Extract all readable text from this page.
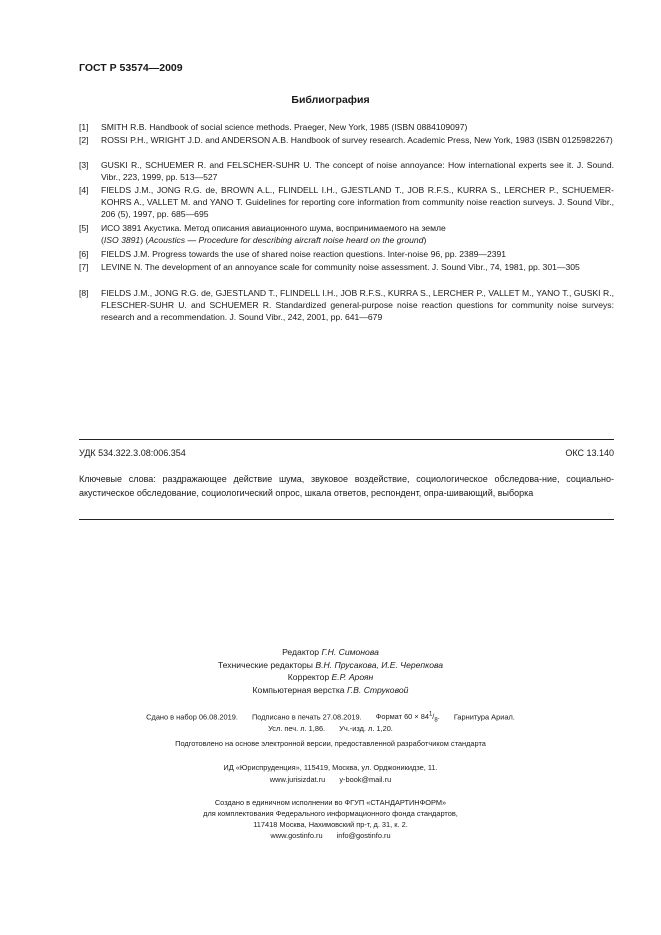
ГОСТ Р 53574—2009
Библиография
[1]	SMITH R.B. Handbook of social science methods. Praeger, New York, 1985 (ISBN 0884109097)
[2]	ROSSI P.H., WRIGHT J.D. and ANDERSON A.B. Handbook of survey research. Academic Press, New York, 1983 (ISBN 0125982267)
[3]	GUSKI R., SCHUEMER R. and FELSCHER-SUHR U. The concept of noise annoyance: How international experts see it. J. Sound. Vibr., 223, 1999, pp. 513—527
[4]	FIELDS J.M., JONG R.G. de, BROWN A.L., FLINDELL I.H., GJESTLAND T., JOB R.F.S., KURRA S., LERCHER P., SCHUEMER-KOHRS A., VALLET M. and YANO T. Guidelines for reporting core information from community noise reaction surveys. J. Sound Vibr., 206 (5), 1997, pp. 685—695
[5]	ИСО 3891 Акустика. Метод описания авиационного шума, воспринимаемого на земле
(ISO 3891) (Acoustics — Procedure for describing aircraft noise heard on the ground)
[6]	FIELDS J.M. Progress towards the use of shared noise reaction questions. Inter-noise 96, pp. 2389—2391
[7]	LEVINE N. The development of an annoyance scale for community noise assessment. J. Sound Vibr., 74, 1981, pp. 301—305
[8]	FIELDS J.M., JONG R.G. de, GJESTLAND T., FLINDELL I.H., JOB R.F.S., KURRA S., LERCHER P., VALLET M., YANO T., GUSKI R., FLESCHER-SUHR U. and SCHUEMER R. Standardized general-purpose noise reaction questions for community noise surveys: research and a recommendation. J. Sound Vibr., 242, 2001, pp. 641—679
УДК 534.322.3.08:006.354	ОКС 13.140
Ключевые слова: раздражающее действие шума, звуковое воздействие, социологическое обследова-ние, социально-акустическое обследование, социологический опрос, шкала ответов, респондент, опра-шивающий, выборка
Редактор Г.Н. Симонова
Технические редакторы В.Н. Прусакова, И.Е. Черепкова
Корректор Е.Р. Ароян
Компьютерная верстка Г.В. Струковой
Сдано в набор 06.08.2019. Подписано в печать 27.08.2019. Формат $60 \times 84^1/_8$. Гарнитура Ариал.
Усл. печ. л. 1,86. Уч.-изд. л. 1,20.
Подготовлено на основе электронной версии, предоставленной разработчиком стандарта
ИД «Юриспруденция», 115419, Москва, ул. Орджоникидзе, 11.
www.jurisizdat.ru y-book@mail.ru
Создано в единичном исполнении во ФГУП «СТАНДАРТИНФОРМ»
для комплектования Федерального информационного фонда стандартов,
117418 Москва, Нахимовский пр-т, д. 31, к. 2.
www.gostinfo.ru info@gostinfo.ru
